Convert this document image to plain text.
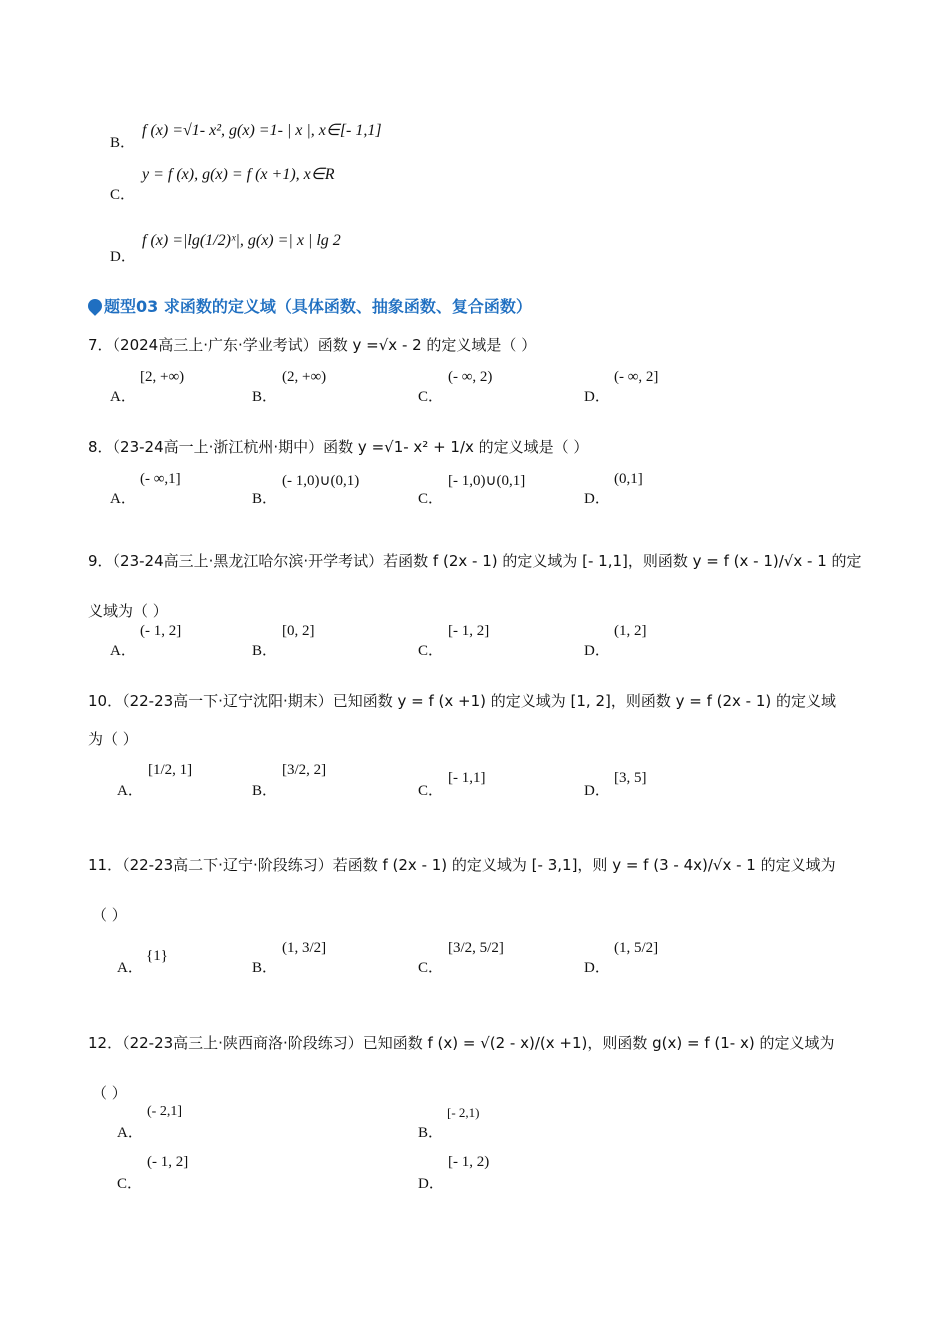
B．
f (x) =√1‐ x², g(x) =1‐ | x |, x∈[‐ 1,1]
C．
y = f (x), g(x) = f (x +1), x∈R
D．
f (x) =|lg(1/2)ˣ|, g(x) =| x | lg 2
题型03 求函数的定义域（具体函数、抽象函数、复合函数）
7．（2024高三上·广东·学业考试）函数 y =√x ‐ 2 的定义域是（ ）
A．
[2, +∞)
B．
(2, +∞)
C．
(‐ ∞, 2)
D．
(‐ ∞, 2]
8．（23-24高一上·浙江杭州·期中）函数 y =√1‐ x² + 1/x 的定义域是（ ）
A．
(‐ ∞,1]
B．
(‐ 1,0)∪(0,1)
C．
[‐ 1,0)∪(0,1]
D．
(0,1]
9．（23-24高三上·黑龙江哈尔滨·开学考试）若函数 f (2x ‐ 1) 的定义域为 [‐ 1,1]，则函数 y = f (x ‐ 1)/√x ‐ 1 的定
义域为（ ）
A．
(‐ 1, 2]
B．
[0, 2]
C．
[‐ 1, 2]
D．
(1, 2]
10．（22-23高一下·辽宁沈阳·期末）已知函数 y = f (x +1) 的定义域为 [1, 2]，则函数 y = f (2x ‐ 1) 的定义域
为（ ）
A．
[1/2, 1]
B．
[3/2, 2]
C．
[‐ 1,1]
D．
[3, 5]
11．（22-23高二下·辽宁·阶段练习）若函数 f (2x ‐ 1) 的定义域为 [‐ 3,1]，则 y = f (3 ‐ 4x)/√x ‐ 1 的定义域为
（ ）
A．
{1}
B．
(1, 3/2]
C．
[3/2, 5/2]
D．
(1, 5/2]
12．（22-23高三上·陕西商洛·阶段练习）已知函数 f (x) = √(2 ‐ x)/(x +1)，则函数 g(x) = f (1‐ x) 的定义域为
（ ）
A．
(‐ 2,1]
B．
[‐ 2,1)
C．
(‐ 1, 2]
D．
[‐ 1, 2)
